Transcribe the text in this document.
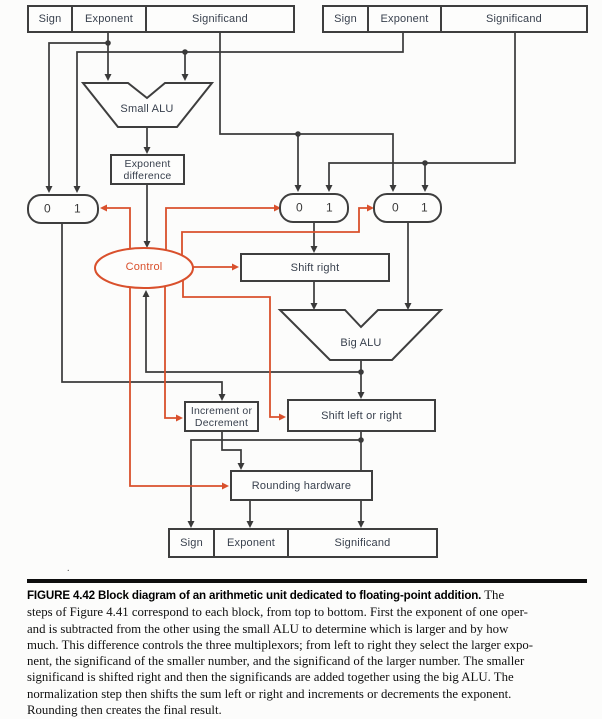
Sign	Exponent	Significand	Sign	Exponent	Significand
Sign	Exponent	Significand
Small ALU
Big ALU
Control
0 1	0 1	0 1
Exponent
difference
Shift right
Increment or
Decrement
Shift left or right
Rounding hardware
.
FIGURE 4.42 Block diagram of an arithmetic unit dedicated to floating-point addition. The
steps of Figure 4.41 correspond to each block, from top to bottom. First the exponent of one oper-
and is subtracted from the other using the small ALU to determine which is larger and by how
much. This difference controls the three multiplexors; from left to right they select the larger expo-
nent, the significand of the smaller number, and the significand of the larger number. The smaller
significand is shifted right and then the significands are added together using the big ALU. The
normalization step then shifts the sum left or right and increments or decrements the exponent.
Rounding then creates the final result.
